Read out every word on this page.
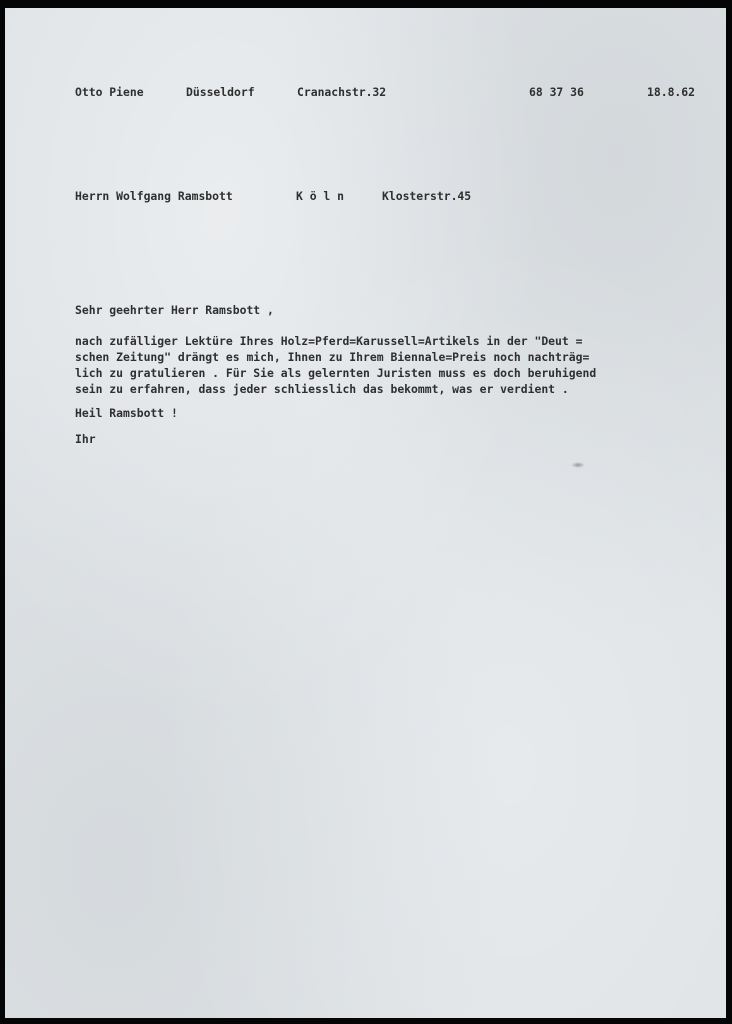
Otto Piene	Düsseldorf	Cranachstr.32	68 37 36	18.8.62
Herrn Wolfgang Ramsbott	K ö l n	Klosterstr.45
Sehr geehrter Herr Ramsbott ,
nach zufälliger Lektüre Ihres Holz=Pferd=Karussell=Artikels in der "Deut =
schen Zeitung" drängt es mich, Ihnen zu Ihrem Biennale=Preis noch nachträg=
lich zu gratulieren . Für Sie als gelernten Juristen muss es doch beruhigend
sein zu erfahren, dass jeder schliesslich das bekommt, was er verdient .
Heil Ramsbott !
Ihr
